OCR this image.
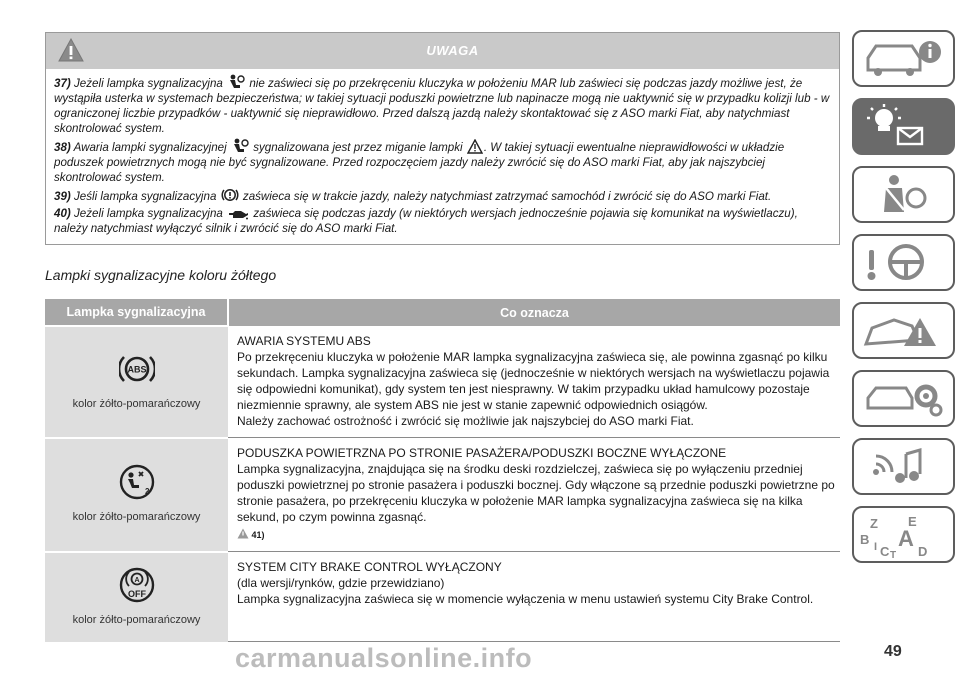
UWAGA

37) Jeżeli lampka sygnalizacyjna nie zaświeci się po przekręceniu kluczyka w położeniu MAR lub zaświeci się podczas jazdy możliwe jest, że wystąpiła usterka w systemach bezpieczeństwa; w takiej sytuacji poduszki powietrzne lub napinacze mogą nie uaktywnić się w przypadku kolizji lub - w ograniczonej liczbie przypadków - uaktywnić się nieprawidłowo. Przed dalszą jazdą należy skontaktować się z ASO marki Fiat, aby natychmiast skontrolować system.

38) Awaria lampki sygnalizacyjnej sygnalizowana jest przez miganie lampki . W takiej sytuacji ewentualne nieprawidłowości w układzie poduszek powietrznych mogą nie być sygnalizowane. Przed rozpoczęciem jazdy należy zwrócić się do ASO marki Fiat, aby jak najszybciej skontrolować system.

39) Jeśli lampka sygnalizacyjna zaświeca się w trakcie jazdy, należy natychmiast zatrzymać samochód i zwrócić się do ASO marki Fiat.

40) Jeżeli lampka sygnalizacyjna	zaświeca się podczas jazdy (w niektórych wersjach jednocześnie pojawia się komunikat na wyświetlaczu), należy natychmiast wyłączyć silnik i zwrócić się do ASO marki Fiat.

Lampki sygnalizacyjne koloru żółtego
Lampka sygnalizacyjna	Co oznacza

ABS
kolor żółto-pomarańczowy	AWARIA SYSTEMU ABS
Po przekręceniu kluczyka w położenie MAR lampka sygnalizacyjna zaświeca się, ale powinna zgasnąć po kilku sekundach. Lampka sygnalizacyjna zaświeca się (jednocześnie w niektórych wersjach na wyświetlaczu pojawia się odpowiedni komunikat), gdy system ten jest niesprawny. W takim przypadku układ hamulcowy pozostaje niezmiennie sprawny, ale system ABS nie jest w stanie zapewnić odpowiednich osiągów.
Należy zachować ostrożność i zwrócić się możliwie jak najszybciej do ASO marki Fiat.

2
kolor żółto-pomarańczowy	PODUSZKA POWIETRZNA PO STRONIE PASAŻERA/PODUSZKI BOCZNE WYŁĄCZONE
Lampka sygnalizacyjna, znajdująca się na środku deski rozdzielczej, zaświeca się po wyłączeniu przedniej poduszki powietrznej po stronie pasażera i poduszki bocznej. Gdy włączone są przednie poduszki powietrzne po stronie pasażera, po przekręceniu kluczyka w położenie MAR lampka sygnalizacyjna zaświeca się na kilka sekund, po czym powinna zgasnąć.
41)

A
OFF
kolor żółto-pomarańczowy	SYSTEM CITY BRAKE CONTROL WYŁĄCZONY
(dla wersji/rynków, gdzie przewidziano)
Lampka sygnalizacyjna zaświeca się w momencie wyłączenia w menu ustawień systemu City Brake Control.
Z E
B A
C T D
I
49
carmanualsonline.info
